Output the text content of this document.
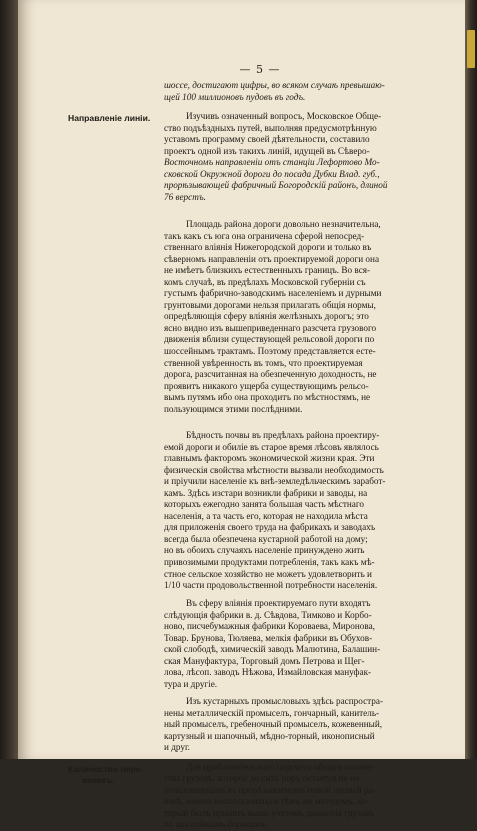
— 5 —
шоссе, достигают цифры, во всяком случаѣ превышаю-
щей 100 миллионовъ пудовъ въ годъ.
Направленіе линіи.	Изучивъ означенный вопросъ, Московское Обще-
ство подъѣздныхъ путей, выполняя предусмотрѣнную
уставомъ программу своей дѣятельности, составило
проектъ одной изъ такихъ линій, идущей въ Сѣверо-
Восточномъ направленіи отъ станціи Лефортово Мо-
сковской Окружной дороги до посада Дубки Влад. губ.,
прорѣзывающей фабричный Богородскій районъ, длиной
76 верстъ.
Площадь района дороги довольно незначительна,
такъ какъ съ юга она ограничена сферой непосред-
ственнаго вліянія Нижегородской дороги и только въ
сѣверномъ направленіи отъ проектируемой дороги она
не имѣетъ близкихъ естественныхъ границъ. Во вся-
комъ случаѣ, въ предѣлахъ Московской губерніи съ
густымъ фабрично-заводскимъ населеніемъ и дурными
грунтовыми дорогами нельзя прилагать общія нормы,
опредѣляющія сферу вліянія желѣзныхъ дорогъ; это
ясно видно изъ вышеприведеннаго разсчета грузового
движенія вблизи существующей рельсовой дороги по
шоссейнымъ трактамъ. Поэтому представляется есте-
ственной увѣренность въ томъ, что проектируемая
дорога, разсчитанная на обезпеченную доходность, не
проявитъ никакого ущерба существующимъ рельсо-
вымъ путямъ ибо она проходитъ по мѣстностямъ, не
пользующимся этими послѣдними.
Бѣдность почвы въ предѣлахъ района проектиру-
емой дороги и обиліе въ старое время лѣсовъ являлось
главнымъ факторомъ экономической жизни края. Эти
физическія свойства мѣстности вызвали необходимость
и пріучили населеніе къ внѣ-земледѣльческимъ заработ-
камъ. Здѣсь изстари возникли фабрики и заводы, на
которыхъ ежегодно занята большая часть мѣстнаго
населенія, а та часть его, которая не находила мѣста
для приложенія своего труда на фабрикахъ и заводахъ
всегда была обезпечена кустарной работой на дому;
но въ обоихъ случаяхъ населеніе принуждено жить
привозимыми продуктами потребленія, такъ какъ мѣ-
стное сельское хозяйство не можетъ удовлетворить и
1/10 части продовольственной потребности населенія.
Въ сферу вліянія проектируемаго пути входятъ
слѣдующія фабрики в. д. Сѣвдова, Тимково и Корбо-
ново, писчебумажныя фабрики Короваева, Миронова,
Товар. Брунова, Тюляева, мелкія фабрики въ Обухов-
ской слободѣ, химическій заводъ Малютина, Балашин-
ская Мануфактура, Торговый домъ Петрова и Щег-
лова, лѣсоп. заводъ Нѣжова, Измайловская мануфак-
тура и другіе.
Изъ кустарныхъ промысловыхъ здѣсь распростра-
нены металлическій промыселъ, гончарный, канитель-
ный промыселъ, гребеночный промыселъ, кожевенный,
картузный и шапочный, мѣдно-торный, иконописный
и друг.
Количество пере-
возокъ.
Для приблизительнаго подсчета общаго количе-
ства грузовъ, которое до сихъ поръ остается не из-
пользованнымъ въ прорѣзываемомъ новой линией ра-
іонѣ, можно воспользоваться тѣмъ же методомъ, ко-
торый былъ принятъ выше учетомъ движенія грузовъ
по шоссейнымъ дорогамъ.
